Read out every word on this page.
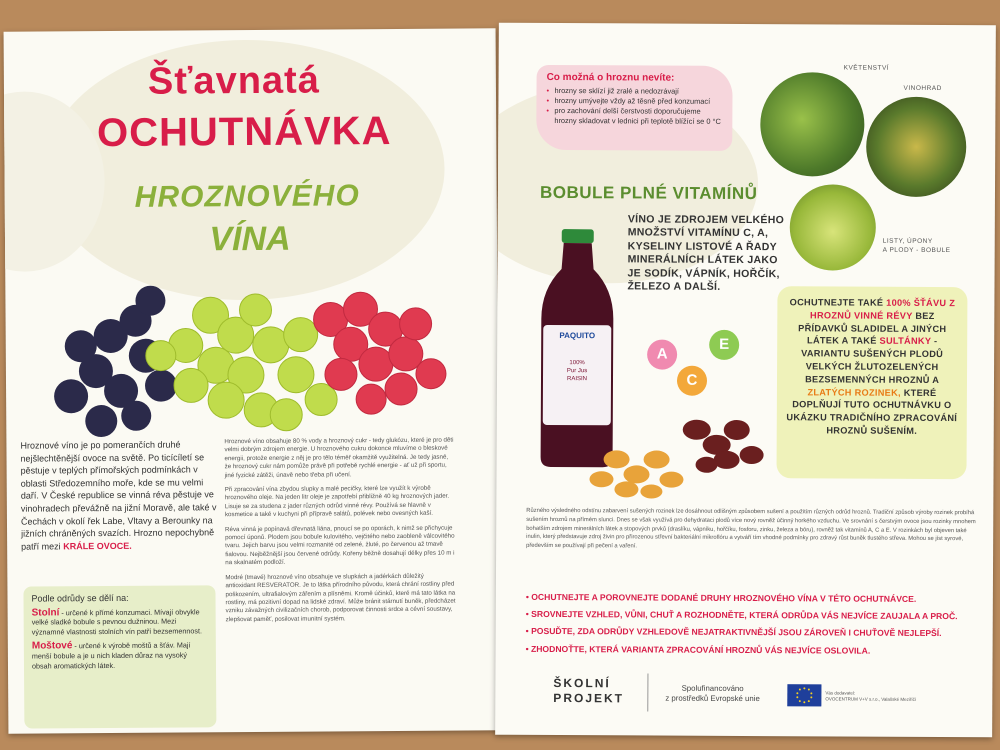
Šťavnatá
OCHUTNÁVKA
HROZNOVÉHO
VÍNA
Hroznové víno je po pomerančích druhé nejšlechtěnější ovoce na světě. Po ticícíletí se pěstuje v teplých přímořských podmínkách v oblasti Středozemního moře, kde se mu velmi daří. V České republice se vinná réva pěstuje ve vinohradech převážně na jižní Moravě, ale také v Čechách v okolí řek Labe, Vltavy a Berounky na jižních chráněných svazích. Hrozno nepochybně patří mezi KRÁLE OVOCE.
Podle odrůdy se dělí na:
Stolní - určené k přímé konzumaci. Mívají obvykle velké sladké bobule s pevnou dužninou. Mezi významné vlastnosti stolních vín patří bezsemennost.
Moštové - určené k výrobě moštů a šťáv. Mají menší bobule a je u nich kladen důraz na vysoký obsah aromatických látek.

Hroznové víno obsahuje 80 % vody a hroznový cukr - tedy glukózu, které je pro děti velmi dobrým zdrojem energie. U hroznového cukru dokonce mluvíme o bleskové energii, protože energie z něj je pro tělo téměř okamžitě využitelná. Je tedy jasné, že hroznový cukr nám pomůže právě při potřebě rychlé energie - ať už při sportu, jiné fyzické zátěži, únavě nebo třeba při učení.

Při zpracování vína zbydou slupky a malé pecičky, které lze využít k výrobě hroznového oleje. Na jeden litr oleje je zapotřebí přibližně 40 kg hroznových jader. Lisuje se za studena z jader různých odrůd vinné révy. Používá se hlavně v kosmetice a také v kuchyni při přípravě salátů, polévek nebo ovesných kaší.

Réva vinná je popínavá dřevnatá liána, pnoucí se po oporách, k nimž se přichycuje pomocí úponů. Plodem jsou bobule kulovitého, vejčitého nebo zaobleně válcovitého tvaru. Jejich barvu jsou velmi rozmanité od zelené, žluté, po červenou až tmavě fialovou. Nejběžnější jsou červené odrůdy. Kořeny běžně dosahují délky přes 10 m i na skalnatém podloží.

Modré (tmavé) hroznové víno obsahuje ve slupkách a jadérkách důležitý antioxidant RESVERATOR. Je to látka přírodního původu, která chrání rostliny před poškozením, ultrafialovým zářením a plísněmi. Kromě účinků, které má tato látka na rostliny, má pozitivní dopad na lidské zdraví. Může bránit stárnutí buněk, předcházet vzniku závažných civilizačních chorob, podporovat činnosti srdce a cévní soustavy, zlepšovat paměť, posilovat imunitní systém.

Co možná o hroznu nevíte:
• hrozny se sklízí již zralé a nedozrávají
• hrozny umývejte vždy až těsně před konzumací
• pro zachování delší čerstvosti doporučujeme hrozny skladovat v lednici při teplotě blížící se 0 °C
KVĚTENSTVÍ
VINOHRAD
LISTY, ÚPONY
A PLODY - BOBULE
BOBULE PLNÉ VITAMÍNŮ
VÍNO JE ZDROJEM VELKÉHO MNOŽSTVÍ VITAMÍNU C, A, KYSELINY LISTOVÉ A ŘADY MINERÁLNÍCH LÁTEK JAKO JE SODÍK, VÁPNÍK, HOŘČÍK, ŽELEZO A DALŠÍ.
PAQUITO
100%
Pur Jus
RAISIN
A
C
E
OCHUTNEJTE TAKÉ 100% ŠŤÁVU Z HROZNŮ VINNÉ RÉVY BEZ PŘÍDAVKŮ SLADIDEL A JINÝCH LÁTEK A TAKÉ SULTÁNKY - VARIANTU SUŠENÝCH PLODŮ VELKÝCH ŽLUTOZELENÝCH BEZSEMENNÝCH HROZNŮ A ZLATÝCH ROZINEK, KTERÉ DOPLŇUJÍ TUTO OCHUTNÁVKU O UKÁZKU TRADIČNÍHO ZPRACOVÁNÍ HROZNŮ SUŠENÍM.
Různého výsledného odstínu zabarvení sušených rozinek lze dosáhnout odlišným způsobem sušení a použitím různých odrůd hroznů. Tradiční způsob výroby rozinek probíhá sušením hroznů na přímém slunci. Dnes se však využívá pro dehydrataci plodů více nový rovněž účinný horkého vzduchu. Ve srovnání s čerstvým ovoce jsou rozinky mnohem bohatším zdrojem minerálních látek a stopových prvků (draslíku, vápníku, hořčíku, fosforu, zinku, železa a bóru), rovněž tak vitamínů A, C a E. V rozinkách byl objeven také inulin, který představuje zdroj živin pro přirozenou střevní bakteriální mikroflóru a vytváří tím vhodné podmínky pro zdravý růst buněk tlustého střeva. Mohou se jíst syrové, především se používají při pečení a vaření.
• OCHUTNEJTE A POROVNEJTE DODANÉ DRUHY HROZNOVÉHO VÍNA V TÉTO OCHUTNÁVCE.
• SROVNEJTE VZHLED, VŮNI, CHUŤ A ROZHODNĚTE, KTERÁ ODRŮDA VÁS NEJVÍCE ZAUJALA A PROČ.
• POSUĎTE, ZDA ODRŮDY VZHLEDOVĚ NEJATRAKTIVNĚJŠÍ JSOU ZÁROVEŇ I CHUŤOVĚ NEJLEPŠÍ.
• ZHODNOŤTE, KTERÁ VARIANTA ZPRACOVÁNÍ HROZNŮ VÁS NEJVÍCE OSLOVILA.
ŠKOLNÍ
PROJEKT
Spolufinancováno
z prostředků Evropské unie
Vás dodavatel:
OVOCENTRUM V+V s.r.o., Valašské Meziříčí
